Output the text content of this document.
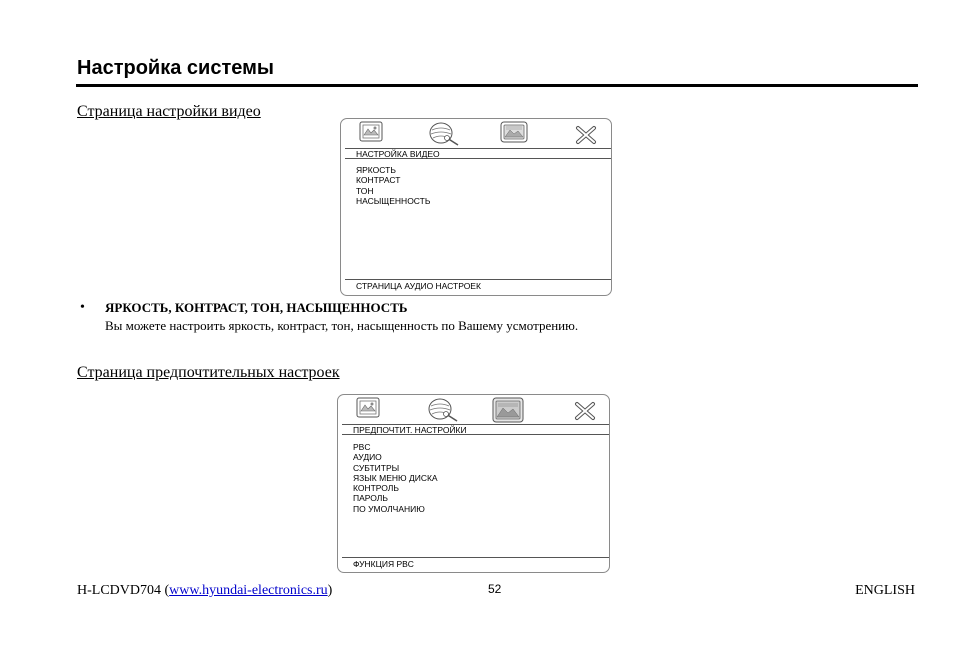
Настройка системы
Страница настройки видео
НАСТРОЙКА ВИДЕО
ЯРКОСТЬ
КОНТРАСТ
ТОН
НАСЫЩЕННОСТЬ
СТРАНИЦА АУДИО НАСТРОЕК
• ЯРКОСТЬ, КОНТРАСТ, ТОН, НАСЫЩЕННОСТЬ
Вы можете настроить яркость, контраст, тон, насыщенность по Вашему усмотрению.
Страница предпочтительных настроек
ПРЕДПОЧТИТ. НАСТРОЙКИ
PBC
АУДИО
СУБТИТРЫ
ЯЗЫК МЕНЮ ДИСКА
КОНТРОЛЬ
ПАРОЛЬ
ПО УМОЛЧАНИЮ
ФУНКЦИЯ PBC
H-LCDVD704 (www.hyundai-electronics.ru)	52	ENGLISH
